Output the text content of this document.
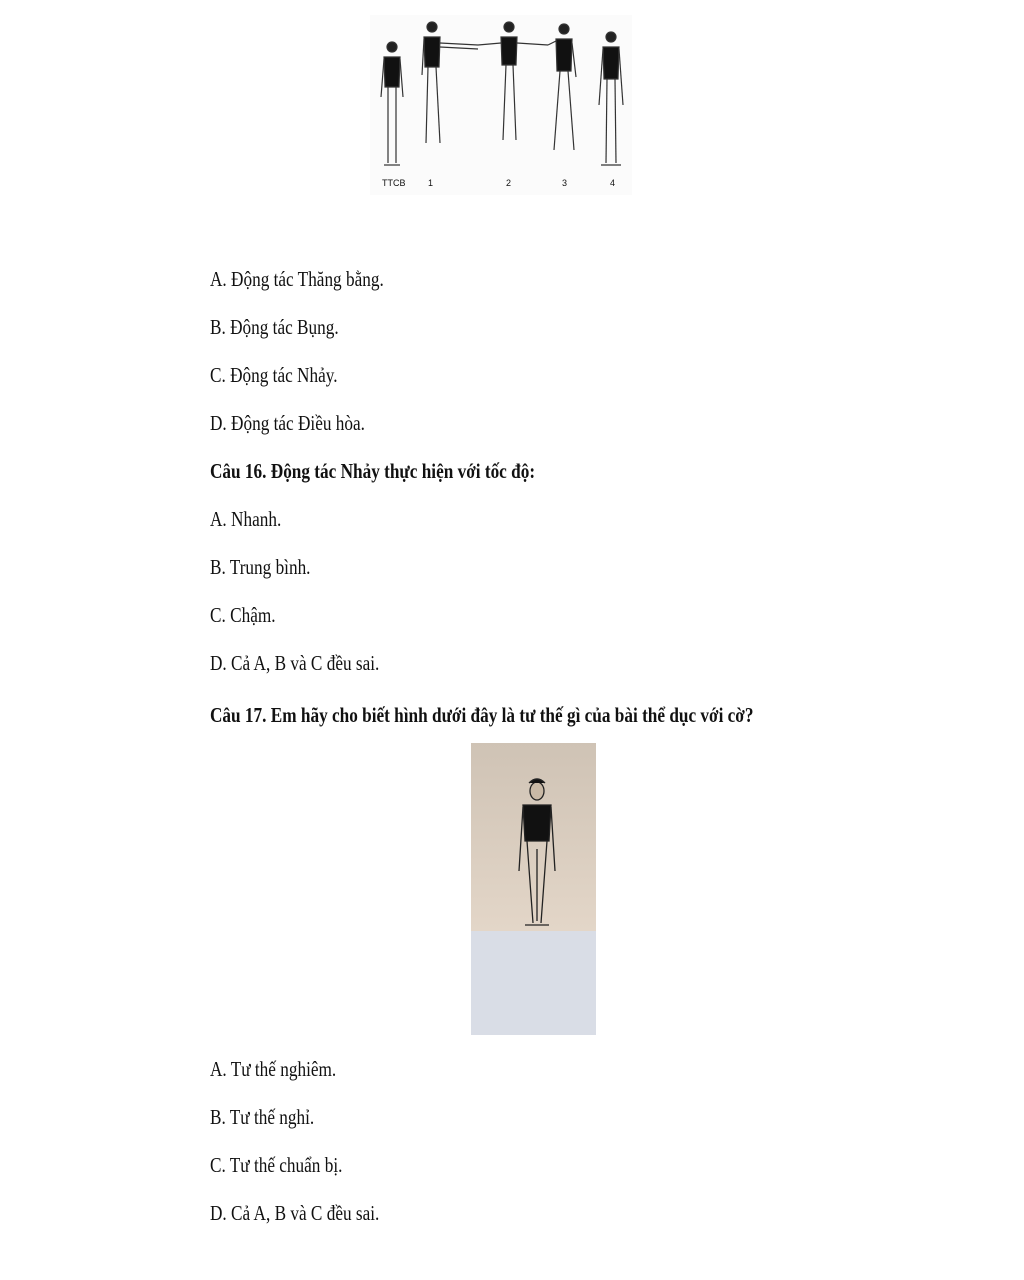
TTCB	1	2	3	4
A. Động tác Thăng bằng.
B. Động tác Bụng.
C. Động tác Nhảy.
D. Động tác Điều hòa.
Câu 16. Động tác Nhảy thực hiện với tốc độ:
A. Nhanh.
B. Trung bình.
C. Chậm.
D. Cả A, B và C đều sai.
Câu 17. Em hãy cho biết hình dưới đây là tư thế gì của bài thể dục với cờ?
A. Tư thế nghiêm.
B. Tư thế nghỉ.
C. Tư thế chuẩn bị.
D. Cả A, B và C đều sai.
